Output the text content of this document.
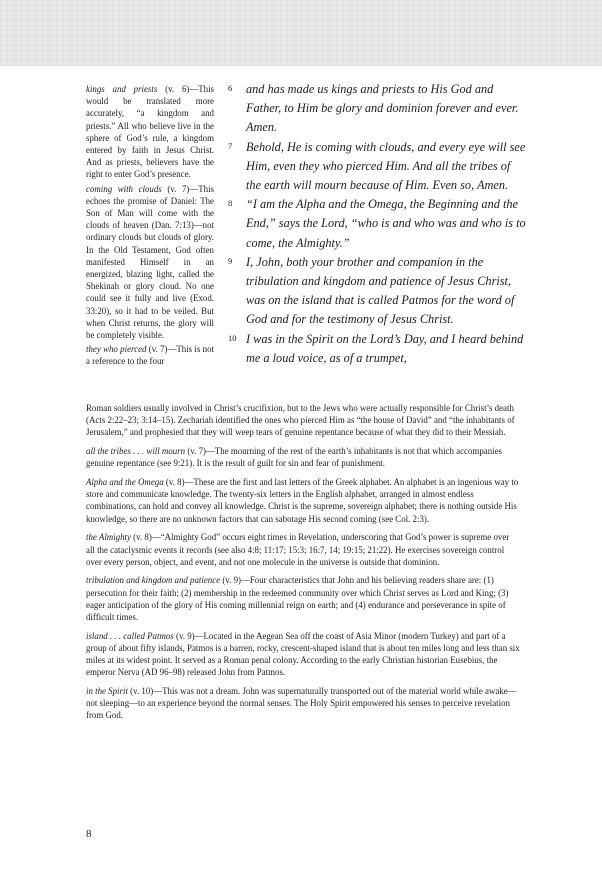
kings and priests (v. 6)—This would be translated more accurately, “a kingdom and priests.” All who believe live in the sphere of God’s rule, a kingdom entered by faith in Jesus Christ. And as priests, believers have the right to enter God’s presence.

coming with clouds (v. 7)—This echoes the promise of Daniel: The Son of Man will come with the clouds of heaven (Dan. 7:13)—not ordinary clouds but clouds of glory. In the Old Testament, God often manifested Himself in an energized, blazing light, called the Shekinah or glory cloud. No one could see it fully and live (Exod. 33:20), so it had to be veiled. But when Christ returns, the glory will be completely visible.

they who pierced (v. 7)—This is not a reference to the four

6 and has made us kings and priests to His God and Father, to Him be glory and dominion forever and ever. Amen.

7 Behold, He is coming with clouds, and every eye will see Him, even they who pierced Him. And all the tribes of the earth will mourn because of Him. Even so, Amen.

8 “I am the Alpha and the Omega, the Beginning and the End,” says the Lord, “who is and who was and who is to come, the Almighty.”

9 I, John, both your brother and companion in the tribulation and kingdom and patience of Jesus Christ, was on the island that is called Patmos for the word of God and for the testimony of Jesus Christ.

10 I was in the Spirit on the Lord’s Day, and I heard behind me a loud voice, as of a trumpet,

Roman soldiers usually involved in Christ’s crucifixion, but to the Jews who were actually responsible for Christ’s death (Acts 2:22–23; 3:14–15). Zechariah identified the ones who pierced Him as “the house of David” and “the inhabitants of Jerusalem,” and prophesied that they will weep tears of genuine repentance because of what they did to their Messiah.

all the tribes . . . will mourn (v. 7)—The mourning of the rest of the earth’s inhabitants is not that which accompanies genuine repentance (see 9:21). It is the result of guilt for sin and fear of punishment.

Alpha and the Omega (v. 8)—These are the first and last letters of the Greek alphabet. An alphabet is an ingenious way to store and communicate knowledge. The twenty-six letters in the English alphabet, arranged in almost endless combinations, can hold and convey all knowledge. Christ is the supreme, sovereign alphabet; there is nothing outside His knowledge, so there are no unknown factors that can sabotage His second coming (see Col. 2:3).

the Almighty (v. 8)—“Almighty God” occurs eight times in Revelation, underscoring that God’s power is supreme over all the cataclysmic events it records (see also 4:8; 11:17; 15:3; 16:7, 14; 19:15; 21:22). He exercises sovereign control over every person, object, and event, and not one molecule in the universe is outside that dominion.

tribulation and kingdom and patience (v. 9)—Four characteristics that John and his believing readers share are: (1) persecution for their faith; (2) membership in the redeemed community over which Christ serves as Lord and King; (3) eager anticipation of the glory of His coming millennial reign on earth; and (4) endurance and perseverance in spite of difficult times.

island . . . called Patmos (v. 9)—Located in the Aegean Sea off the coast of Asia Minor (modern Turkey) and part of a group of about fifty islands, Patmos is a barren, rocky, crescent-shaped island that is about ten miles long and less than six miles at its widest point. It served as a Roman penal colony. According to the early Christian historian Eusebius, the emperor Nerva (AD 96–98) released John from Patmos.

in the Spirit (v. 10)—This was not a dream. John was supernaturally transported out of the material world while awake—not sleeping—to an experience beyond the normal senses. The Holy Spirit empowered his senses to perceive revelation from God.

8
